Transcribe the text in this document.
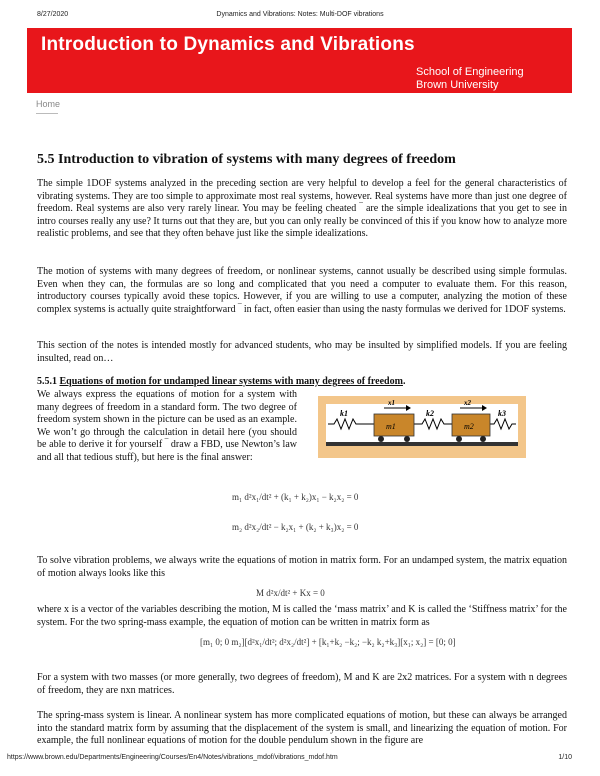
8/27/2020	Dynamics and Vibrations: Notes: Multi-DOF vibrations
Introduction to Dynamics and Vibrations
School of Engineering
Brown University
Home
5.5 Introduction to vibration of systems with many degrees of freedom

The simple 1DOF systems analyzed in the preceding section are very helpful to develop a feel for the general characteristics of vibrating systems. They are too simple to approximate most real systems, however. Real systems have more than just one degree of freedom. Real systems are also very rarely linear. You may be feeling cheated ‾ are the simple idealizations that you get to see in intro courses really any use? It turns out that they are, but you can only really be convinced of this if you know how to analyze more realistic problems, and see that they often behave just like the simple idealizations.

The motion of systems with many degrees of freedom, or nonlinear systems, cannot usually be described using simple formulas. Even when they can, the formulas are so long and complicated that you need a computer to evaluate them. For this reason, introductory courses typically avoid these topics. However, if you are willing to use a computer, analyzing the motion of these complex systems is actually quite straightforward ‾ in fact, often easier than using the nasty formulas we derived for 1DOF systems.

This section of the notes is intended mostly for advanced students, who may be insulted by simplified models. If you are feeling insulted, read on…

5.5.1 Equations of motion for undamped linear systems with many degrees of freedom.

We always express the equations of motion for a system with many degrees of freedom in a standard form. The two degree of freedom system shown in the picture can be used as an example. We won’t go through the calculation in detail here (you should be able to derive it for yourself ‾ draw a FBD, use Newton’s law and all that tedious stuff), but here is the final answer:

k1	k2	k3
m1	m2
x1	x2
m₁ d²x₁/dt² + (k₁ + k₂)x₁ − k₂x₂ = 0
m₂ d²x₂/dt² − k₂x₁ + (k₂ + k₃)x₂ = 0

To solve vibration problems, we always write the equations of motion in matrix form. For an undamped system, the matrix equation of motion always looks like this

M d²x/dt² + Kx = 0

where x is a vector of the variables describing the motion, M is called the ‘mass matrix’ and K is called the ‘Stiffness matrix’ for the system. For the two spring-mass example, the equation of motion can be written in matrix form as

[m₁ 0; 0 m₂][d²x₁/dt²; d²x₂/dt²] + [k₁+k₂ −k₂; −k₂ k₂+k₃][x₁; x₂] = [0; 0]

For a system with two masses (or more generally, two degrees of freedom), M and K are 2x2 matrices. For a system with n degrees of freedom, they are nxn matrices.

The spring-mass system is linear. A nonlinear system has more complicated equations of motion, but these can always be arranged into the standard matrix form by assuming that the displacement of the system is small, and linearizing the equation of motion. For example, the full nonlinear equations of motion for the double pendulum shown in the figure are

https://www.brown.edu/Departments/Engineering/Courses/En4/Notes/vibrations_mdof/vibrations_mdof.htm	1/10
